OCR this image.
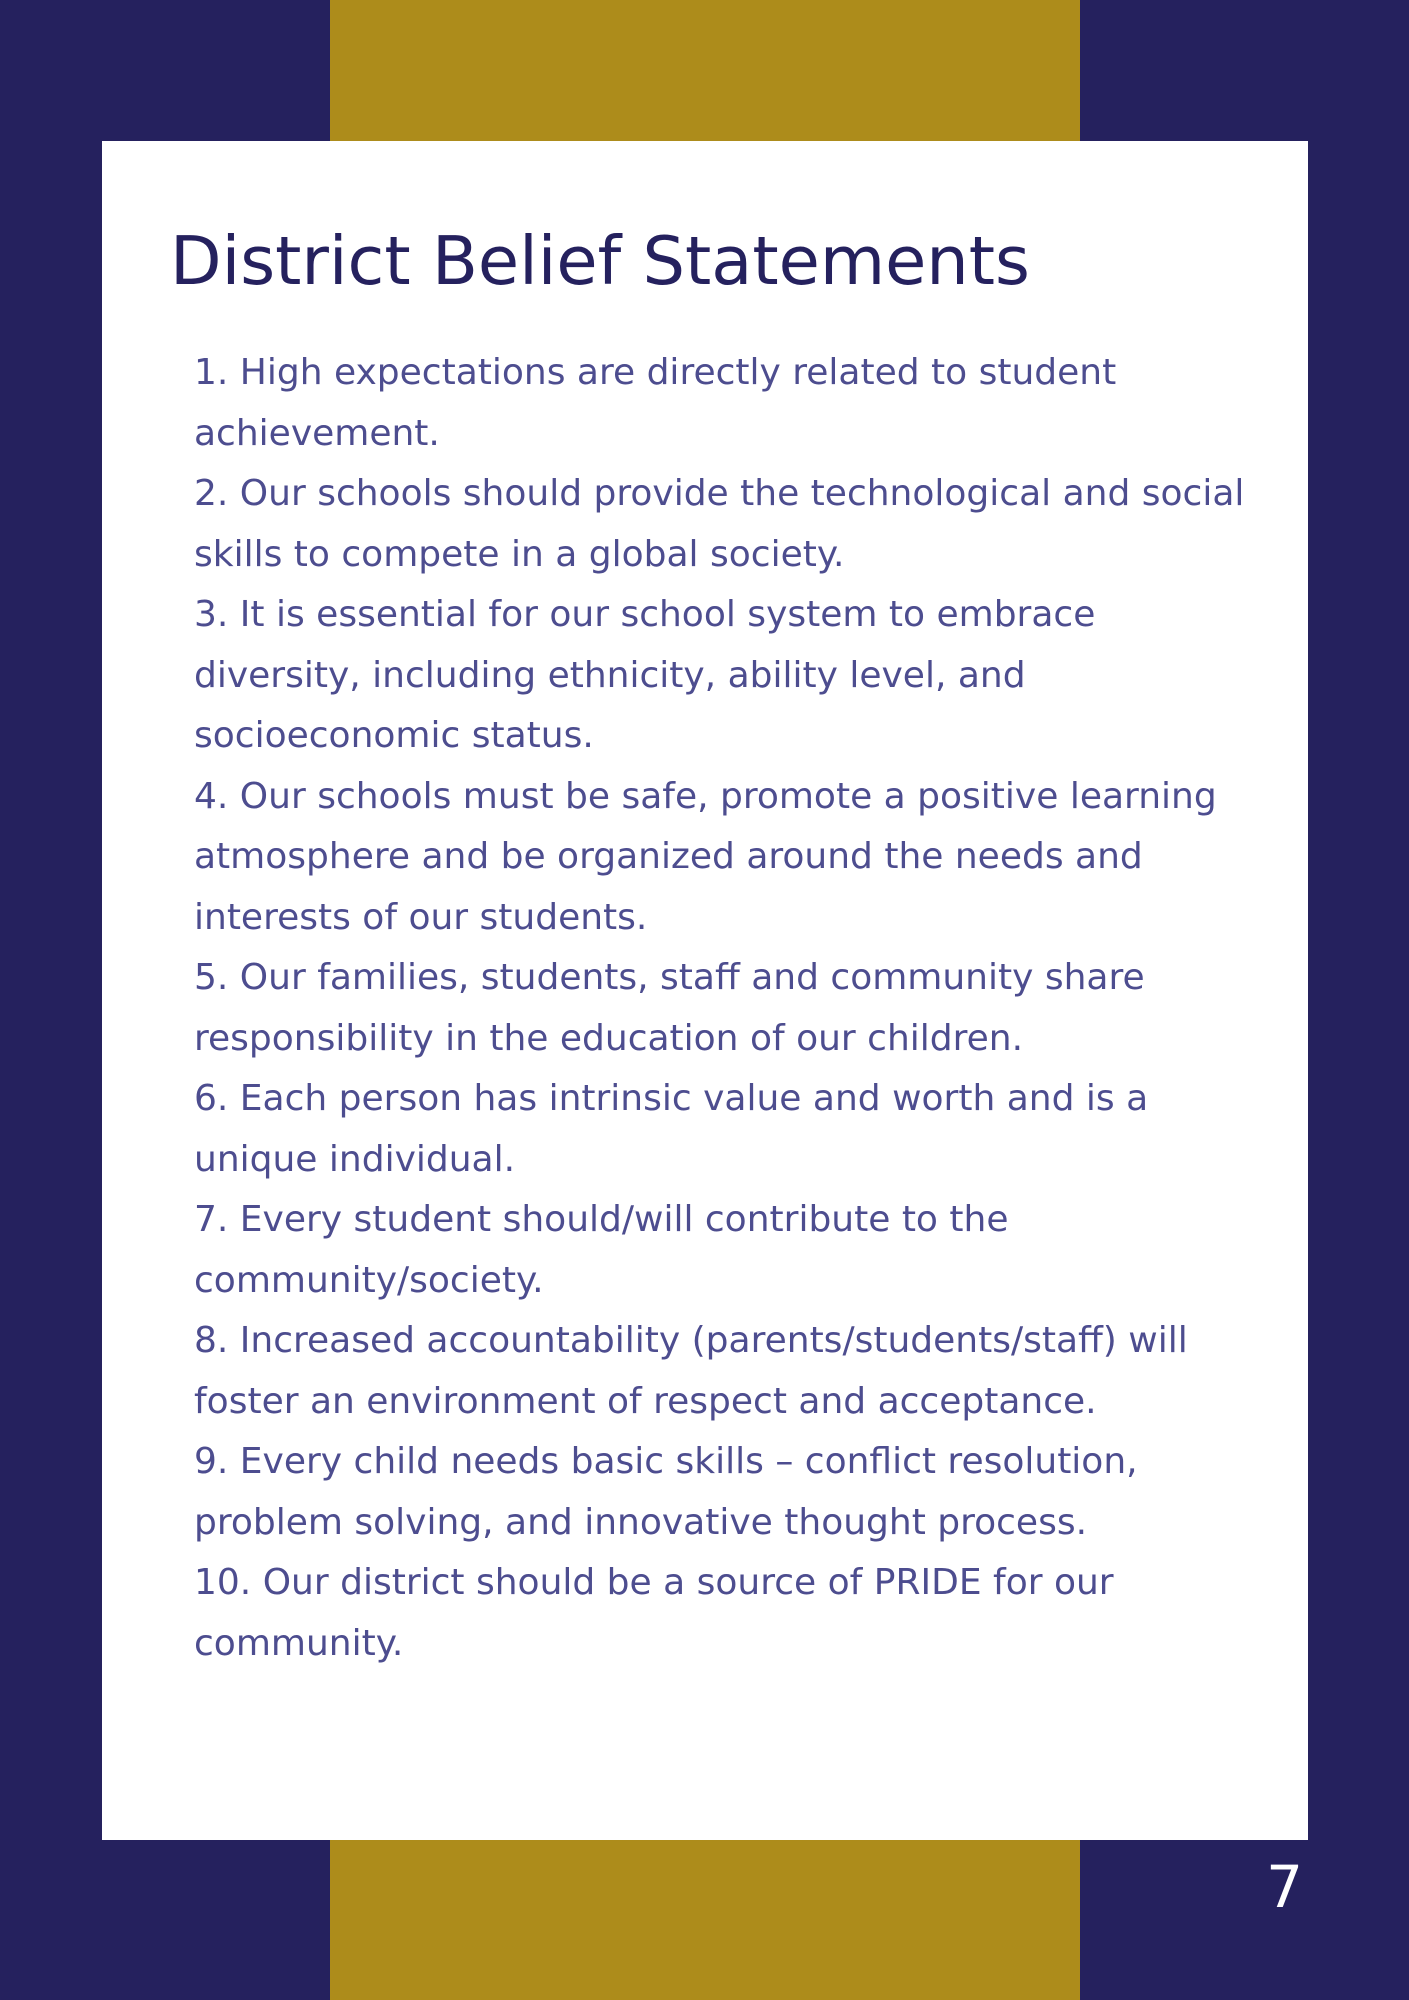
District Belief Statements
1. High expectations are directly related to student achievement.
2. Our schools should provide the technological and social skills to compete in a global society.
3. It is essential for our school system to embrace diversity, including ethnicity, ability level, and socioeconomic status.
4. Our schools must be safe, promote a positive learning atmosphere and be organized around the needs and interests of our students.
5. Our families, students, staff and community share responsibility in the education of our children.
6. Each person has intrinsic value and worth and is a unique individual.
7. Every student should/will contribute to the community/society.
8. Increased accountability (parents/students/staff) will foster an environment of respect and acceptance.
9. Every child needs basic skills – conflict resolution, problem solving, and innovative thought process.
10. Our district should be a source of PRIDE for our community.
7
